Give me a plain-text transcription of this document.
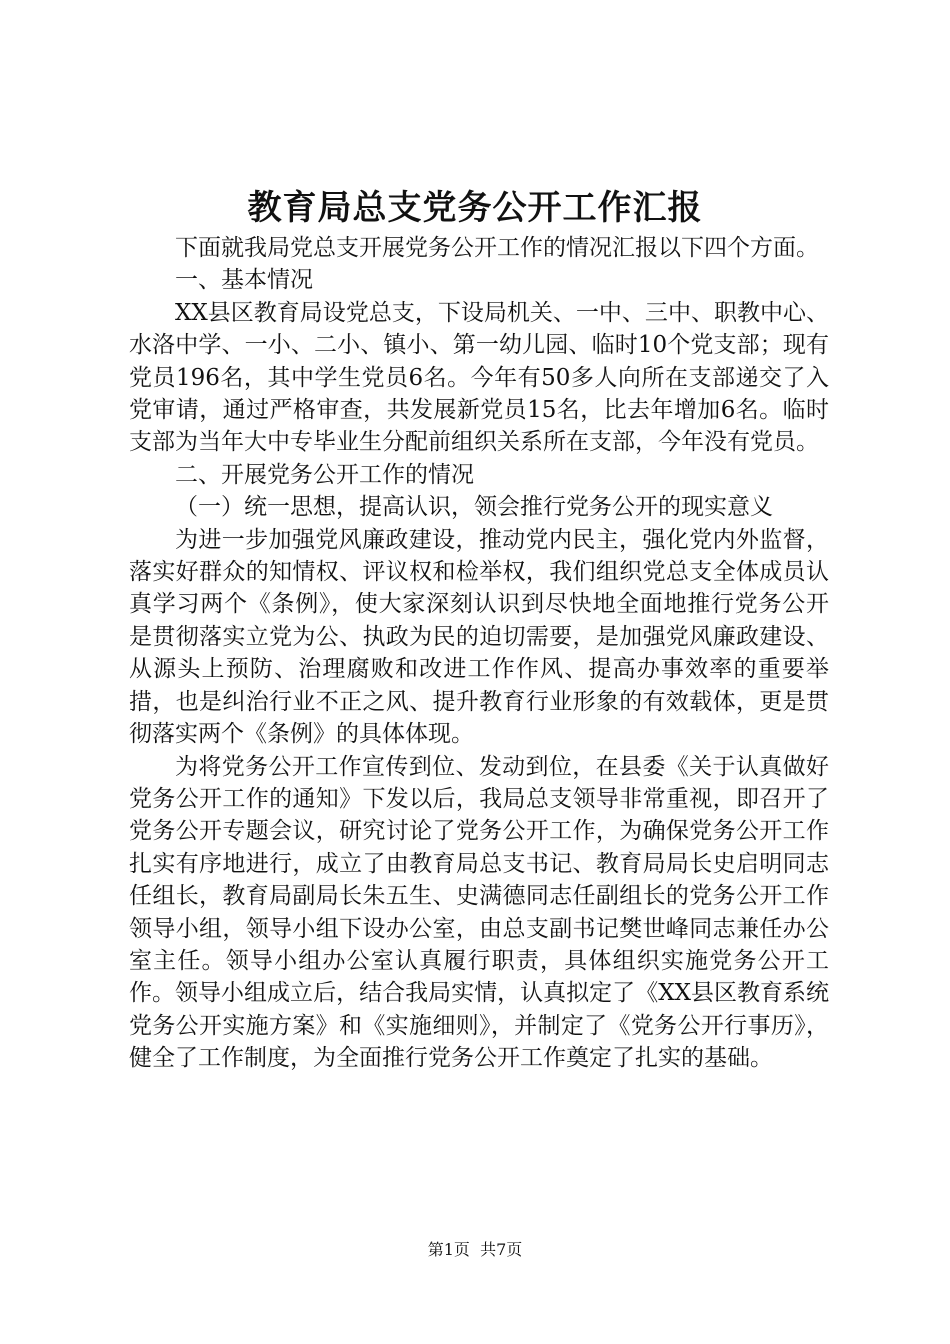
教育局总支党务公开工作汇报

下面就我局党总支开展党务公开工作的情况汇报以下四个方面。

一、基本情况

XX县区教育局设党总支，下设局机关、一中、三中、职教中心、水洛中学、一小、二小、镇小、第一幼儿园、临时10个党支部；现有党员196名，其中学生党员6名。今年有50多人向所在支部递交了入党审请，通过严格审查，共发展新党员15名，比去年增加6名。临时支部为当年大中专毕业生分配前组织关系所在支部，今年没有党员。

二、开展党务公开工作的情况

（一）统一思想，提高认识，领会推行党务公开的现实意义

为进一步加强党风廉政建设，推动党内民主，强化党内外监督，落实好群众的知情权、评议权和检举权，我们组织党总支全体成员认真学习两个《条例》，使大家深刻认识到尽快地全面地推行党务公开是贯彻落实立党为公、执政为民的迫切需要，是加强党风廉政建设、从源头上预防、治理腐败和改进工作作风、提高办事效率的重要举措，也是纠治行业不正之风、提升教育行业形象的有效载体，更是贯彻落实两个《条例》的具体体现。

为将党务公开工作宣传到位、发动到位，在县委《关于认真做好党务公开工作的通知》下发以后，我局总支领导非常重视，即召开了党务公开专题会议，研究讨论了党务公开工作，为确保党务公开工作扎实有序地进行，成立了由教育局总支书记、教育局局长史启明同志任组长，教育局副局长朱五生、史满德同志任副组长的党务公开工作领导小组，领导小组下设办公室，由总支副书记樊世峰同志兼任办公室主任。领导小组办公室认真履行职责，具体组织实施党务公开工作。领导小组成立后，结合我局实情，认真拟定了《XX县区教育系统党务公开实施方案》和《实施细则》，并制定了《党务公开行事历》，健全了工作制度，为全面推行党务公开工作奠定了扎实的基础。

第1页 共7页
